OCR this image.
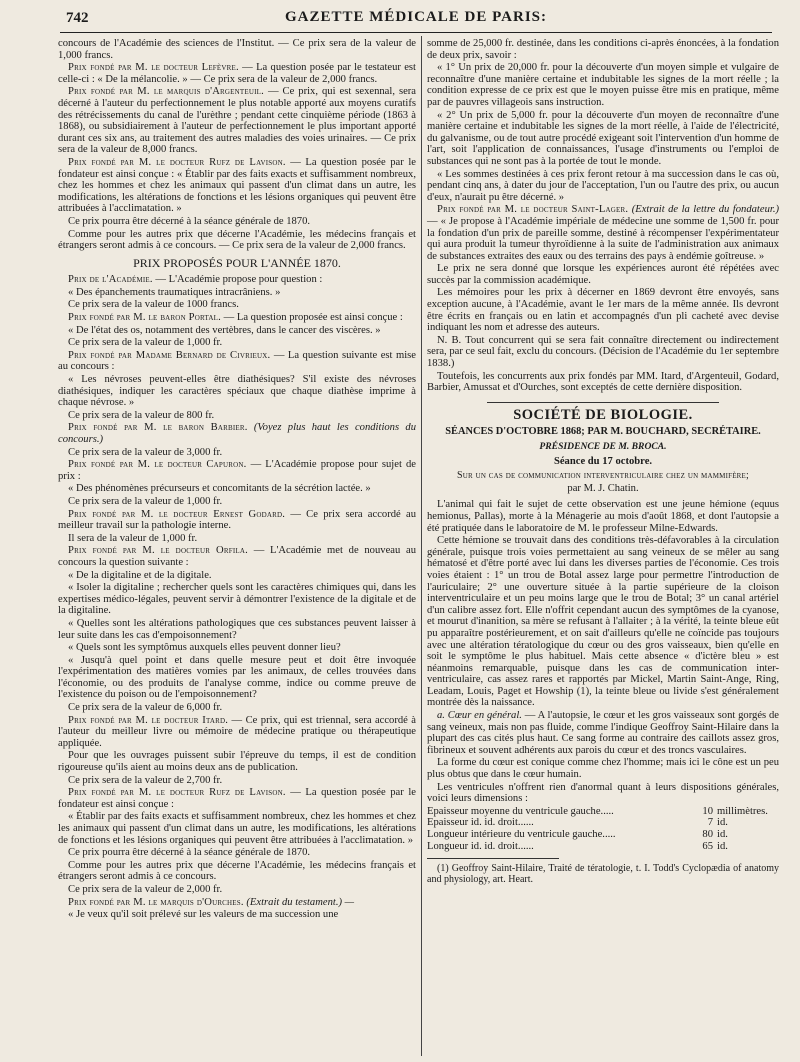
742	GAZETTE MÉDICALE DE PARIS:

concours de l'Académie des sciences de l'Institut. — Ce prix sera de la valeur de 1,000 francs.

Prix fondé par M. le docteur Lefèvre. — La question posée par le testateur est celle-ci : « De la mélancolie. » — Ce prix sera de la valeur de 2,000 francs.

Prix fondé par M. le marquis d'Argenteuil. — Ce prix, qui est sexennal, sera décerné à l'auteur du perfectionnement le plus notable apporté aux moyens curatifs des rétrécissements du canal de l'urèthre ; pendant cette cinquième période (1863 à 1868), ou subsidiairement à l'auteur de perfectionnement le plus important apporté durant ces six ans, au traitement des autres maladies des voies urinaires. — Ce prix sera de la valeur de 8,000 francs.

Prix fondé par M. le docteur Rufz de Lavison. — La question posée par le fondateur est ainsi conçue : « Établir par des faits exacts et suffisamment nombreux, chez les hommes et chez les animaux qui passent d'un climat dans un autre, les modifications, les altérations de fonctions et les lésions organiques qui peuvent être attribuées à l'acclimatation. »

Ce prix pourra être décerné à la séance générale de 1870.

Comme pour les autres prix que décerne l'Académie, les médecins français et étrangers seront admis à ce concours. — Ce prix sera de la valeur de 2,000 francs.

PRIX PROPOSÉS POUR L'ANNÉE 1870.

Prix de l'Académie. — L'Académie propose pour question :

« Des épanchements traumatiques intracrâniens. »

Ce prix sera de la valeur de 1000 francs.

Prix fondé par M. le baron Portal. — La question proposée est ainsi conçue :

« De l'état des os, notamment des vertèbres, dans le cancer des viscères. »

Ce prix sera de la valeur de 1,000 fr.

Prix fondé par Madame Bernard de Civrieux. — La question suivante est mise au concours :

« Les névroses peuvent-elles être diathésiques? S'il existe des névroses diathésiques, indiquer les caractères spéciaux que chaque diathèse imprime à chaque névrose. »

Ce prix sera de la valeur de 800 fr.

Prix fondé par M. le baron Barbier. (Voyez plus haut les conditions du concours.)

Ce prix sera de la valeur de 3,000 fr.

Prix fondé par M. le docteur Capuron. — L'Académie propose pour sujet de prix :

« Des phénomènes précurseurs et concomitants de la sécrétion lactée. »

Ce prix sera de la valeur de 1,000 fr.

Prix fondé par M. le docteur Ernest Godard. — Ce prix sera accordé au meilleur travail sur la pathologie interne.

Il sera de la valeur de 1,000 fr.

Prix fondé par M. le docteur Orfila. — L'Académie met de nouveau au concours la question suivante :

« De la digitaline et de la digitale.

« Isoler la digitaline ; rechercher quels sont les caractères chimiques qui, dans les expertises médico-légales, peuvent servir à démontrer l'existence de la digitale et de la digitaline.

« Quelles sont les altérations pathologiques que ces substances peuvent laisser à leur suite dans les cas d'empoisonnement?

« Quels sont les symptômus auxquels elles peuvent donner lieu?

« Jusqu'à quel point et dans quelle mesure peut et doit être invoquée l'expérimentation des matières vomies par les animaux, de celles trouvées dans l'économie, ou des produits de l'analyse comme, indice ou comme preuve de l'existence du poison ou de l'empoisonnement?

Ce prix sera de la valeur de 6,000 fr.

Prix fondé par M. le docteur Itard. — Ce prix, qui est triennal, sera accordé à l'auteur du meilleur livre ou mémoire de médecine pratique ou thérapeutique appliquée.

Pour que les ouvrages puissent subir l'épreuve du temps, il est de condition rigoureuse qu'ils aient au moins deux ans de publication.

Ce prix sera de la valeur de 2,700 fr.

Prix fondé par M. le docteur Rufz de Lavison. — La question posée par le fondateur est ainsi conçue :

« Établir par des faits exacts et suffisamment nombreux, chez les hommes et chez les animaux qui passent d'un climat dans un autre, les modifications, les altérations de fonctions et les lésions organiques qui peuvent être attribuées à l'acclimatation. »

Ce prix pourra être décerné à la séance générale de 1870.

Comme pour les autres prix que décerne l'Académie, les médecins français et étrangers seront admis à ce concours.

Ce prix sera de la valeur de 2,000 fr.

Prix fondé par M. le marquis d'Ourches. (Extrait du testament.) —

« Je veux qu'il soit prélevé sur les valeurs de ma succession une

somme de 25,000 fr. destinée, dans les conditions ci-après énoncées, à la fondation de deux prix, savoir :

« 1° Un prix de 20,000 fr. pour la découverte d'un moyen simple et vulgaire de reconnaître d'une manière certaine et indubitable les signes de la mort réelle ; la condition expresse de ce prix est que le moyen puisse être mis en pratique, même par de pauvres villageois sans instruction.

« 2° Un prix de 5,000 fr. pour la découverte d'un moyen de reconnaître d'une manière certaine et indubitable les signes de la mort réelle, à l'aide de l'électricité, du galvanisme, ou de tout autre procédé exigeant soit l'intervention d'un homme de l'art, soit l'application de connaissances, l'usage d'instruments ou l'emploi de substances qui ne sont pas à la portée de tout le monde.

« Les sommes destinées à ces prix feront retour à ma succession dans le cas où, pendant cinq ans, à dater du jour de l'acceptation, l'un ou l'autre des prix, ou aucun d'eux, n'aurait pu être décerné. »

Prix fondé par M. le docteur Saint-Lager. (Extrait de la lettre du fondateur.) — « Je propose à l'Académie impériale de médecine une somme de 1,500 fr. pour la fondation d'un prix de pareille somme, destiné à récompenser l'expérimentateur qui aura produit la tumeur thyroïdienne à la suite de l'administration aux animaux de substances extraites des eaux ou des terrains des pays à endémie goîtreuse. »

Le prix ne sera donné que lorsque les expériences auront été répétées avec succès par la commission académique.

Les mémoires pour les prix à décerner en 1869 devront être envoyés, sans exception aucune, à l'Académie, avant le 1er mars de la même année. Ils devront être écrits en français ou en latin et accompagnés d'un pli cacheté avec devise indiquant les nom et adresse des auteurs.

N. B. Tout concurrent qui se sera fait connaître directement ou indirectement sera, par ce seul fait, exclu du concours. (Décision de l'Académie du 1er septembre 1838.)

Toutefois, les concurrents aux prix fondés par MM. Itard, d'Argenteuil, Godard, Barbier, Amussat et d'Ourches, sont exceptés de cette dernière disposition.

SOCIÉTÉ DE BIOLOGIE.

SÉANCES D'OCTOBRE 1868; PAR M. BOUCHARD, SECRÉTAIRE.

PRÉSIDENCE DE M. BROCA.

Séance du 17 octobre.

Sur un cas de communication interventriculaire chez un mammifère;

par M. J. Chatin.

L'animal qui fait le sujet de cette observation est une jeune hémione (equus hemionus, Pallas), morte à la Ménagerie au mois d'août 1868, et dont l'autopsie a été pratiquée dans le laboratoire de M. le professeur Milne-Edwards.

Cette hémione se trouvait dans des conditions très-défavorables à la circulation générale, puisque trois voies permettaient au sang veineux de se mêler au sang hématosé et d'être porté avec lui dans les diverses parties de l'économie. Ces trois voies étaient : 1° un trou de Botal assez large pour permettre l'introduction de l'auriculaire; 2° une ouverture située à la partie supérieure de la cloison interventriculaire et un peu moins large que le trou de Botal; 3° un canal artériel d'un calibre assez fort. Elle n'offrit cependant aucun des symptômes de la cyanose, et mourut d'inanition, sa mère se refusant à l'allaiter ; à la vérité, la teinte bleue eût pu apparaître postérieurement, et on sait d'ailleurs qu'elle ne coïncide pas toujours avec une altération tératologique du cœur ou des gros vaisseaux, bien qu'elle en soit le symptôme le plus habituel. Mais cette absence « d'ictère bleu » est néanmoins remarquable, puisque dans les cas de communication inter-ventriculaire, cas assez rares et rapportés par Mickel, Martin Saint-Ange, Ring, Leadam, Louis, Paget et Howship (1), la teinte bleue ou livide s'est généralement montrée dès la naissance.

a. Cœur en général. — A l'autopsie, le cœur et les gros vaisseaux sont gorgés de sang veineux, mais non pas fluide, comme l'indique Geoffroy Saint-Hilaire dans la plupart des cas cités plus haut. Ce sang forme au contraire des caillots assez gros, fibrineux et souvent adhérents aux parois du cœur et des troncs vasculaires.

La forme du cœur est conique comme chez l'homme; mais ici le cône est un peu plus obtus que dans le cœur humain.

Les ventricules n'offrent rien d'anormal quant à leurs dispositions générales, voici leurs dimensions :

Epaisseur moyenne du ventricule gauche.....	10	millimètres.
Epaisseur id. id. droit......	7	id.
Longueur intérieure du ventricule gauche.....	80	id.
Longueur id. id. droit......	65	id.

(1) Geoffroy Saint-Hilaire, Traité de tératologie, t. I. Todd's Cyclopædia of anatomy and physiology, art. Heart.
